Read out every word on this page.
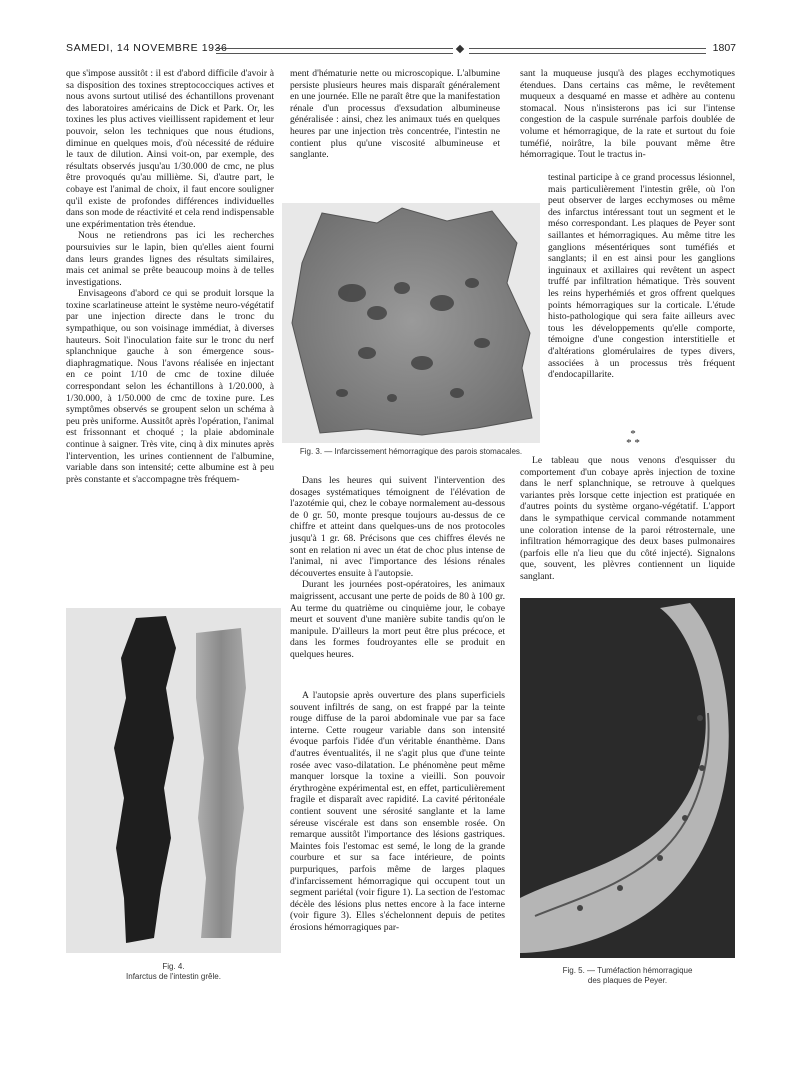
SAMEDI, 14 NOVEMBRE 1936	1807

que s'impose aussitôt : il est d'abord difficile d'avoir à sa disposition des toxines streptococciques actives et nous avons surtout utilisé des échantillons provenant des laboratoires américains de Dick et Park. Or, les toxines les plus actives vieillissent rapidement et leur pouvoir, selon les techniques que nous étudions, diminue en quelques mois, d'où nécessité de réduire le taux de dilution. Ainsi voit-on, par exemple, des résultats observés jusqu'au 1/30.000 de cmc, ne plus être provoqués qu'au millième. Si, d'autre part, le cobaye est l'animal de choix, il faut encore souligner qu'il existe de profondes différences individuelles dans son mode de réactivité et cela rend indispensable une expérimentation très étendue.

Nous ne retiendrons pas ici les recherches poursuivies sur le lapin, bien qu'elles aient fourni dans leurs grandes lignes des résultats similaires, mais cet animal se prête beaucoup moins à de telles investigations.

Envisageons d'abord ce qui se produit lorsque la toxine scarlatineuse atteint le système neuro-végétatif par une injection directe dans le tronc du sympathique, ou son voisinage immédiat, à diverses hauteurs. Soit l'inoculation faite sur le tronc du nerf splanchnique gauche à son émergence sous-diaphragmatique. Nous l'avons réalisée en injectant en ce point 1/10 de cmc de toxine diluée correspondant selon les échantillons à 1/20.000, à 1/30.000, à 1/50.000 de cmc de toxine pure. Les symptômes observés se groupent selon un schéma à peu près uniforme. Aussitôt après l'opération, l'animal est frissonnant et choqué ; la plaie abdominale continue à saigner. Très vite, cinq à dix minutes après l'intervention, les urines contiennent de l'albumine, variable dans son intensité; cette albumine est à peu près constante et s'accompagne très fréquem-

ment d'hématurie nette ou microscopique. L'albumine persiste plusieurs heures mais disparaît généralement en une journée. Elle ne paraît être que la manifestation rénale d'un processus d'exsudation albumineuse généralisée : ainsi, chez les animaux tués en quelques heures par une injection très concentrée, l'intestin ne contient plus qu'une viscosité albumineuse et sanglante.

sant la muqueuse jusqu'à des plages ecchymotiques étendues. Dans certains cas même, le revêtement muqueux a desquamé en masse et adhère au contenu stomacal. Nous n'insisterons pas ici sur l'intense congestion de la caspule surrénale parfois doublée de volume et hémorragique, de la rate et surtout du foie tuméfié, noirâtre, la bile pouvant même être hémorragique. Tout le tractus in-

testinal participe à ce grand processus lésionnel, mais particulièrement l'intestin grêle, où l'on peut observer de larges ecchymoses ou même des infarctus intéressant tout un segment et le méso correspondant. Les plaques de Peyer sont saillantes et hémorragiques. Au même titre les ganglions mésentériques sont tuméfiés et sanglants; il en est ainsi pour les ganglions inguinaux et axillaires qui revêtent un aspect truffé par infiltration hématique. Très souvent les reins hyperhémiés et gros offrent quelques points hémorragiques sur la corticale. L'étude histo-pathologique qui sera faite ailleurs avec tous les développements qu'elle comporte, témoigne d'une congestion interstitielle et d'altérations glomérulaires de types divers, associées à un processus très fréquent d'endocapillarite.

*
* *

Le tableau que nous venons d'esquisser du comportement d'un cobaye après injection de toxine dans le nerf splanchnique, se retrouve à quelques variantes près lorsque cette injection est pratiquée en d'autres points du système organo-végétatif. L'apport dans le sympathique cervical commande notamment une coloration intense de la paroi rétrosternale, une infiltration hémorragique des deux bases pulmonaires (parfois elle n'a lieu que du côté injecté). Signalons que, souvent, les plèvres contiennent un liquide sanglant.

Dans les heures qui suivent l'intervention des dosages systématiques témoignent de l'élévation de l'azotémie qui, chez le cobaye normalement au-dessous de 0 gr. 50, monte presque toujours au-dessus de ce chiffre et atteint dans quelques-uns de nos protocoles jusqu'à 1 gr. 68. Précisons que ces chiffres élevés ne sont en relation ni avec un état de choc plus intense de l'animal, ni avec l'importance des lésions rénales découvertes ensuite à l'autopsie.

Durant les journées post-opératoires, les animaux maigrissent, accusant une perte de poids de 80 à 100 gr. Au terme du quatrième ou cinquième jour, le cobaye meurt et souvent d'une manière subite tandis qu'on le manipule. D'ailleurs la mort peut être plus précoce, et dans les formes foudroyantes elle se produit en quelques heures.

A l'autopsie après ouverture des plans superficiels souvent infiltrés de sang, on est frappé par la teinte rouge diffuse de la paroi abdominale vue par sa face interne. Cette rougeur variable dans son intensité évoque parfois l'idée d'un véritable énanthème. Dans d'autres éventualités, il ne s'agit plus que d'une teinte rosée avec vaso-dilatation. Le phénomène peut même manquer lorsque la toxine a vieilli. Son pouvoir érythrogène expérimental est, en effet, particulièrement fragile et disparaît avec rapidité. La cavité péritonéale contient souvent une sérosité sanglante et la lame séreuse viscérale est dans son ensemble rosée. On remarque aussitôt l'importance des lésions gastriques. Maintes fois l'estomac est semé, le long de la grande courbure et sur sa face intérieure, de points purpuriques, parfois même de larges plaques d'infarcissement hémorragique qui occupent tout un segment pariétal (voir figure 1). La section de l'estomac décèle des lésions plus nettes encore à la face interne (voir figure 3). Elles s'échelonnent depuis de petites érosions hémorragiques par-

Fig. 3. — Infarcissement hémorragique des parois stomacales.
Fig. 4.
Infarctus de l'intestin grêle.
Fig. 5. — Tuméfaction hémorragique
des plaques de Peyer.
